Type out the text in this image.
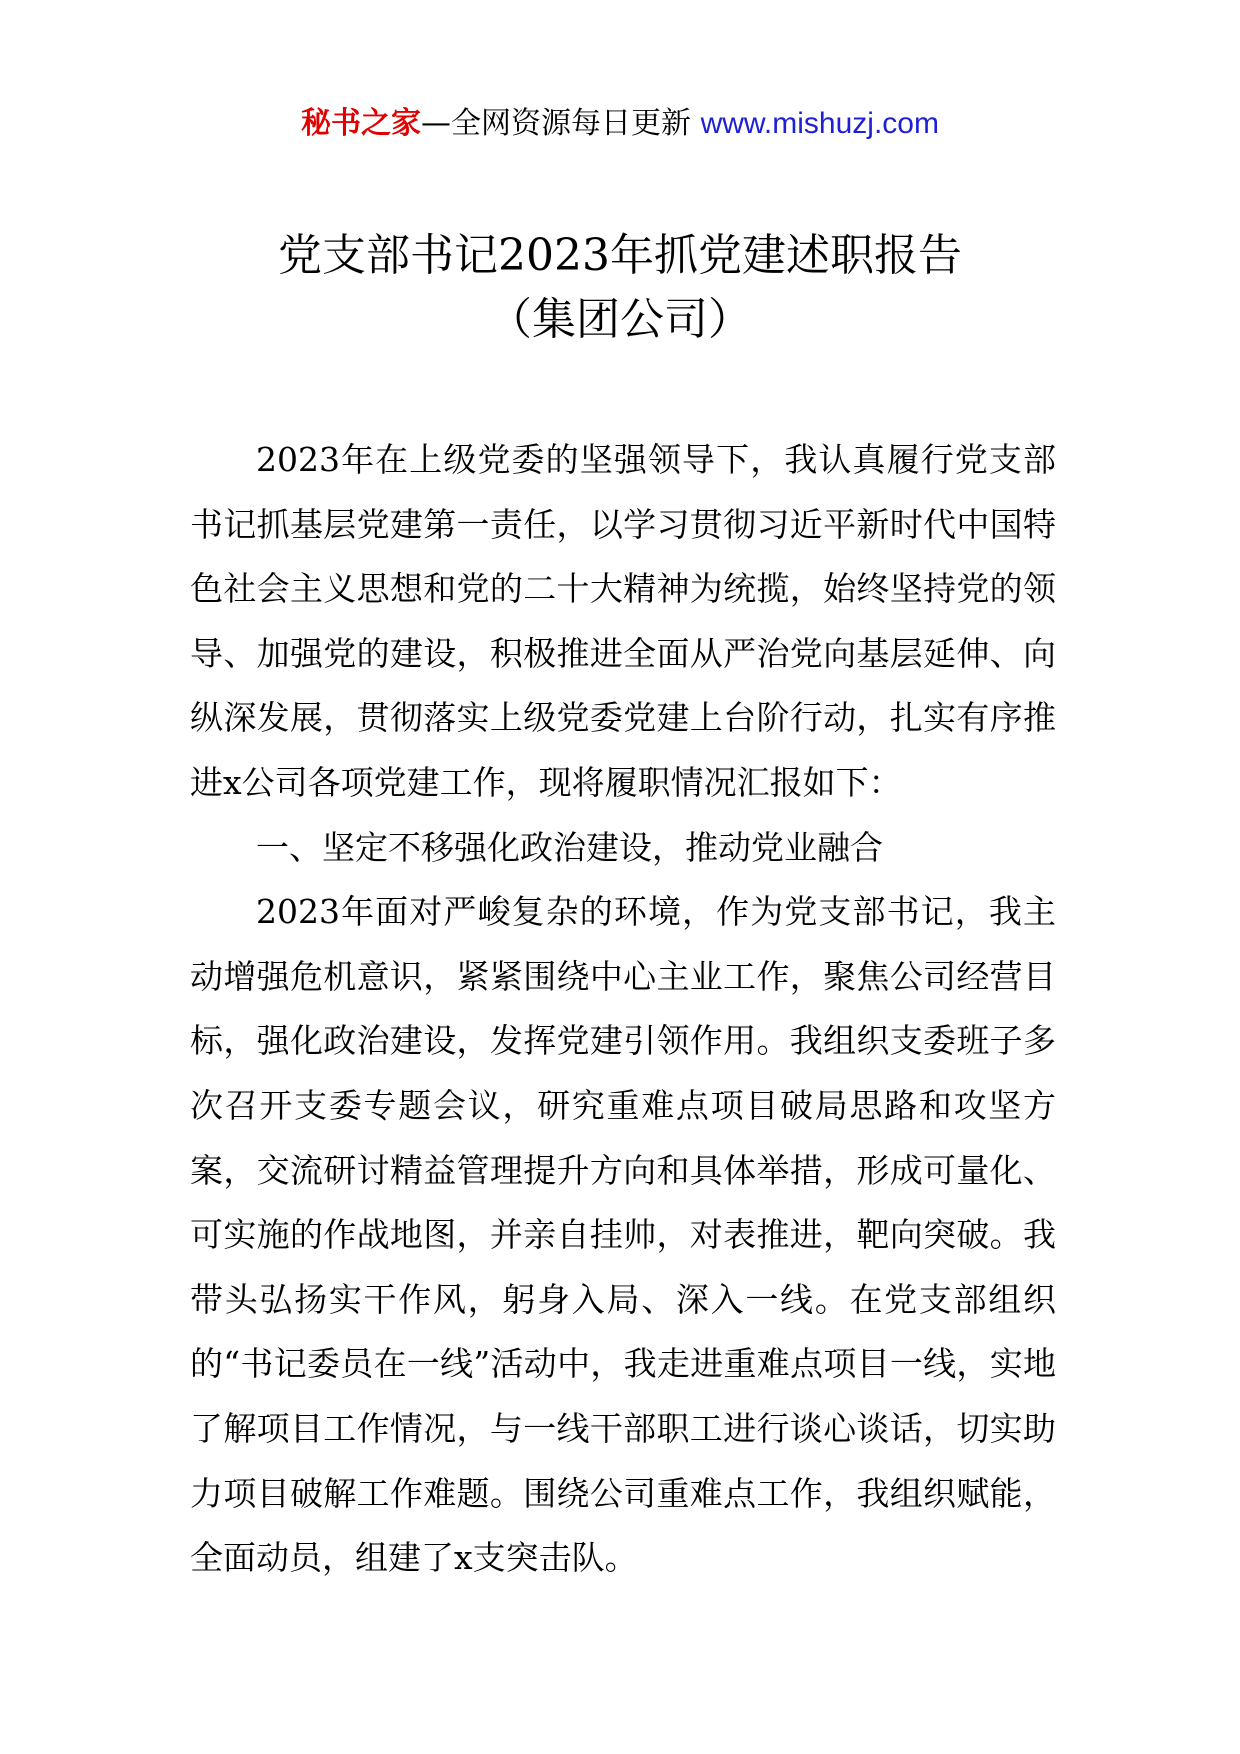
秘书之家—全网资源每日更新 www.mishuzj.com
党支部书记2023年抓党建述职报告
（集团公司）

2023年在上级党委的坚强领导下，我认真履行党支部书记抓基层党建第一责任，以学习贯彻习近平新时代中国特色社会主义思想和党的二十大精神为统揽，始终坚持党的领导、加强党的建设，积极推进全面从严治党向基层延伸、向纵深发展，贯彻落实上级党委党建上台阶行动，扎实有序推进x公司各项党建工作，现将履职情况汇报如下：

一、坚定不移强化政治建设，推动党业融合

2023年面对严峻复杂的环境，作为党支部书记，我主动增强危机意识，紧紧围绕中心主业工作，聚焦公司经营目标，强化政治建设，发挥党建引领作用。我组织支委班子多次召开支委专题会议，研究重难点项目破局思路和攻坚方案，交流研讨精益管理提升方向和具体举措，形成可量化、可实施的作战地图，并亲自挂帅，对表推进，靶向突破。我带头弘扬实干作风，躬身入局、深入一线。在党支部组织的“书记委员在一线”活动中，我走进重难点项目一线，实地了解项目工作情况，与一线干部职工进行谈心谈话，切实助力项目破解工作难题。围绕公司重难点工作，我组织赋能，全面动员，组建了x支突击队。
